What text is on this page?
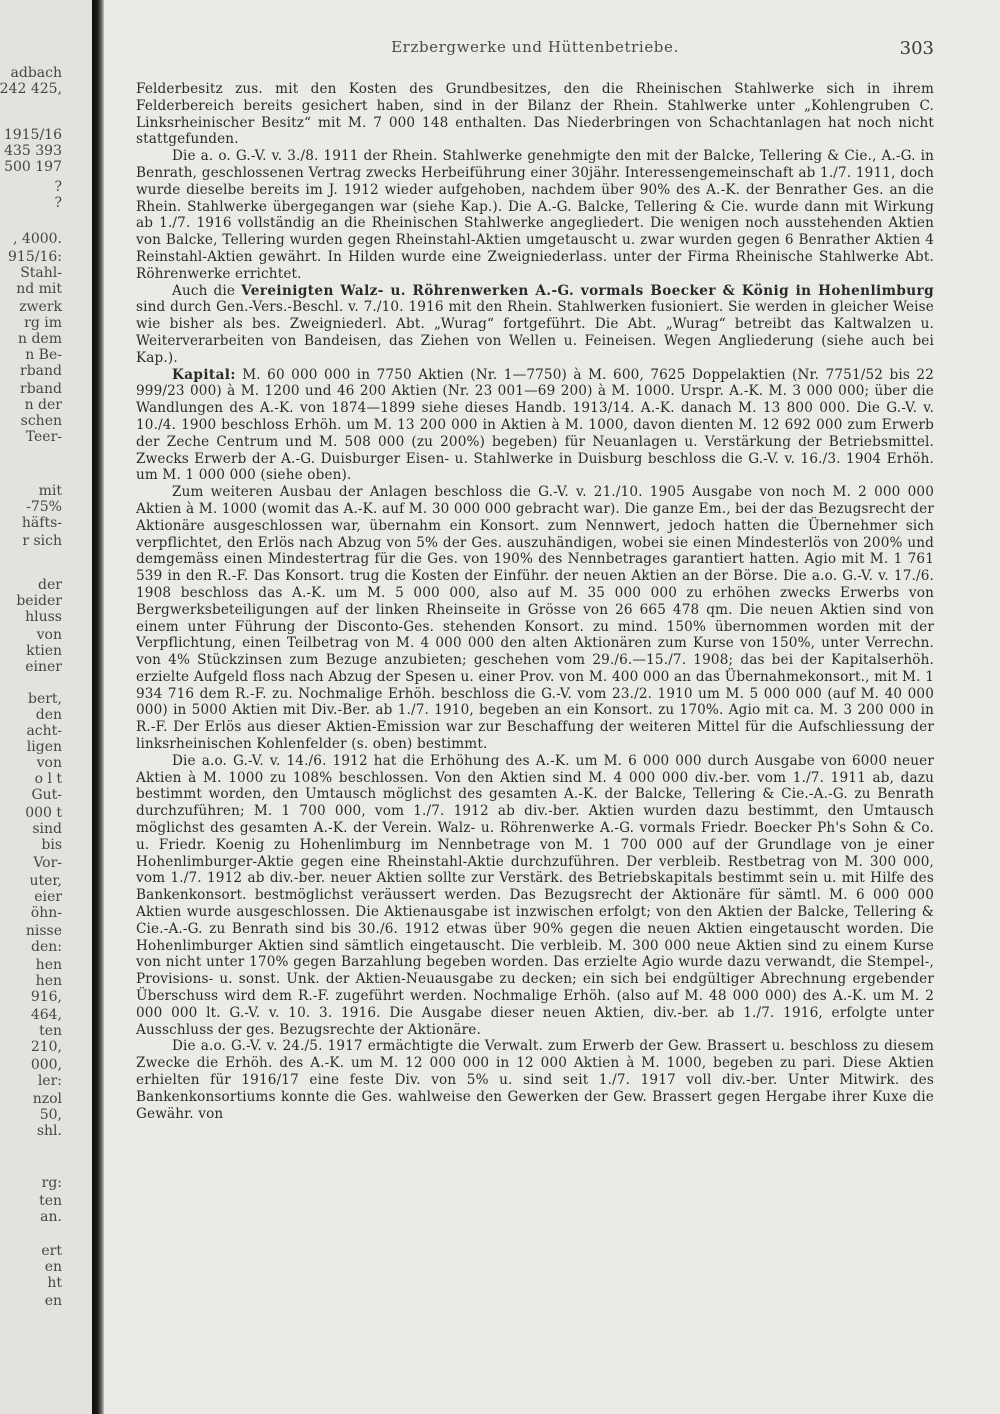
adbach
242 425,
1915/16
435 393
500 197
?
?
, 4000.
915/16:
Stahl-
nd mit
zwerk
rg im
n dem
n Be-
rband
rband
n der
schen
Teer-
mit
-75%
häfts-
r sich
der
beider
hluss
von
ktien
einer
bert,
den
acht-
ligen
von
o l t
Gut-
000 t
sind
bis
Vor-
uter,
eier
öhn-
nisse
den:
hen
hen
916,
464,
ten
210,
000,
ler:
nzol
50,
shl.
rg:
ten
an.
ert
en
ht
en
Erzbergwerke und Hüttenbetriebe.	303

Felderbesitz zus. mit den Kosten des Grundbesitzes, den die Rheinischen Stahlwerke sich in ihrem Felderbereich bereits gesichert haben, sind in der Bilanz der Rhein. Stahlwerke unter „Kohlengruben C. Linksrheinischer Besitz“ mit M. 7 000 148 enthalten. Das Niederbringen von Schachtanlagen hat noch nicht stattgefunden.

Die a. o. G.-V. v. 3./8. 1911 der Rhein. Stahlwerke genehmigte den mit der Balcke, Tellering & Cie., A.-G. in Benrath, geschlossenen Vertrag zwecks Herbeiführung einer 30jähr. Interessengemeinschaft ab 1./7. 1911, doch wurde dieselbe bereits im J. 1912 wieder aufgehoben, nachdem über 90% des A.-K. der Benrather Ges. an die Rhein. Stahlwerke übergegangen war (siehe Kap.). Die A.-G. Balcke, Tellering & Cie. wurde dann mit Wirkung ab 1./7. 1916 vollständig an die Rheinischen Stahlwerke angegliedert. Die wenigen noch ausstehenden Aktien von Balcke, Tellering wurden gegen Rheinstahl-Aktien umgetauscht u. zwar wurden gegen 6 Benrather Aktien 4 Reinstahl-Aktien gewährt. In Hilden wurde eine Zweigniederlass. unter der Firma Rheinische Stahlwerke Abt. Röhrenwerke errichtet.

Auch die Vereinigten Walz- u. Röhrenwerken A.-G. vormals Boecker & König in Hohenlimburg sind durch Gen.-Vers.-Beschl. v. 7./10. 1916 mit den Rhein. Stahlwerken fusioniert. Sie werden in gleicher Weise wie bisher als bes. Zweigniederl. Abt. „Wurag“ fortgeführt. Die Abt. „Wurag“ betreibt das Kaltwalzen u. Weiterverarbeiten von Bandeisen, das Ziehen von Wellen u. Feineisen. Wegen Angliederung (siehe auch bei Kap.).

Kapital: M. 60 000 000 in 7750 Aktien (Nr. 1—7750) à M. 600, 7625 Doppelaktien (Nr. 7751/52 bis 22 999/23 000) à M. 1200 und 46 200 Aktien (Nr. 23 001—69 200) à M. 1000. Urspr. A.-K. M. 3 000 000; über die Wandlungen des A.-K. von 1874—1899 siehe dieses Handb. 1913/14. A.-K. danach M. 13 800 000. Die G.-V. v. 10./4. 1900 beschloss Erhöh. um M. 13 200 000 in Aktien à M. 1000, davon dienten M. 12 692 000 zum Erwerb der Zeche Centrum und M. 508 000 (zu 200%) begeben) für Neuanlagen u. Verstärkung der Betriebsmittel. Zwecks Erwerb der A.-G. Duisburger Eisen- u. Stahlwerke in Duisburg beschloss die G.-V. v. 16./3. 1904 Erhöh. um M. 1 000 000 (siehe oben).

Zum weiteren Ausbau der Anlagen beschloss die G.-V. v. 21./10. 1905 Ausgabe von noch M. 2 000 000 Aktien à M. 1000 (womit das A.-K. auf M. 30 000 000 gebracht war). Die ganze Em., bei der das Bezugsrecht der Aktionäre ausgeschlossen war, übernahm ein Konsort. zum Nennwert, jedoch hatten die Übernehmer sich verpflichtet, den Erlös nach Abzug von 5% der Ges. auszuhändigen, wobei sie einen Mindesterlös von 200% und demgemäss einen Mindestertrag für die Ges. von 190% des Nennbetrages garantiert hatten. Agio mit M. 1 761 539 in den R.-F. Das Konsort. trug die Kosten der Einführ. der neuen Aktien an der Börse. Die a.o. G.-V. v. 17./6. 1908 beschloss das A.-K. um M. 5 000 000, also auf M. 35 000 000 zu erhöhen zwecks Erwerbs von Bergwerksbeteiligungen auf der linken Rheinseite in Grösse von 26 665 478 qm. Die neuen Aktien sind von einem unter Führung der Disconto-Ges. stehenden Konsort. zu mind. 150% übernommen worden mit der Verpflichtung, einen Teilbetrag von M. 4 000 000 den alten Aktionären zum Kurse von 150%, unter Verrechn. von 4% Stückzinsen zum Bezuge anzubieten; geschehen vom 29./6.—15./7. 1908; das bei der Kapitalserhöh. erzielte Aufgeld floss nach Abzug der Spesen u. einer Prov. von M. 400 000 an das Übernahmekonsort., mit M. 1 934 716 dem R.-F. zu. Nochmalige Erhöh. beschloss die G.-V. vom 23./2. 1910 um M. 5 000 000 (auf M. 40 000 000) in 5000 Aktien mit Div.-Ber. ab 1./7. 1910, begeben an ein Konsort. zu 170%. Agio mit ca. M. 3 200 000 in R.-F. Der Erlös aus dieser Aktien-Emission war zur Beschaffung der weiteren Mittel für die Aufschliessung der linksrheinischen Kohlenfelder (s. oben) bestimmt.

Die a.o. G.-V. v. 14./6. 1912 hat die Erhöhung des A.-K. um M. 6 000 000 durch Ausgabe von 6000 neuer Aktien à M. 1000 zu 108% beschlossen. Von den Aktien sind M. 4 000 000 div.-ber. vom 1./7. 1911 ab, dazu bestimmt worden, den Umtausch möglichst des gesamten A.-K. der Balcke, Tellering & Cie.-A.-G. zu Benrath durchzuführen; M. 1 700 000, vom 1./7. 1912 ab div.-ber. Aktien wurden dazu bestimmt, den Umtausch möglichst des gesamten A.-K. der Verein. Walz- u. Röhrenwerke A.-G. vormals Friedr. Boecker Ph's Sohn & Co. u. Friedr. Koenig zu Hohenlimburg im Nennbetrage von M. 1 700 000 auf der Grundlage von je einer Hohenlimburger-Aktie gegen eine Rheinstahl-Aktie durchzuführen. Der verbleib. Restbetrag von M. 300 000, vom 1./7. 1912 ab div.-ber. neuer Aktien sollte zur Verstärk. des Betriebskapitals bestimmt sein u. mit Hilfe des Bankenkonsort. bestmöglichst veräussert werden. Das Bezugsrecht der Aktionäre für sämtl. M. 6 000 000 Aktien wurde ausgeschlossen. Die Aktienausgabe ist inzwischen erfolgt; von den Aktien der Balcke, Tellering & Cie.-A.-G. zu Benrath sind bis 30./6. 1912 etwas über 90% gegen die neuen Aktien eingetauscht worden. Die Hohenlimburger Aktien sind sämtlich eingetauscht. Die verbleib. M. 300 000 neue Aktien sind zu einem Kurse von nicht unter 170% gegen Barzahlung begeben worden. Das erzielte Agio wurde dazu verwandt, die Stempel-, Provisions- u. sonst. Unk. der Aktien-Neuausgabe zu decken; ein sich bei endgültiger Abrechnung ergebender Überschuss wird dem R.-F. zugeführt werden. Nochmalige Erhöh. (also auf M. 48 000 000) des A.-K. um M. 2 000 000 lt. G.-V. v. 10. 3. 1916. Die Ausgabe dieser neuen Aktien, div.-ber. ab 1./7. 1916, erfolgte unter Ausschluss der ges. Bezugsrechte der Aktionäre.

Die a.o. G.-V. v. 24./5. 1917 ermächtigte die Verwalt. zum Erwerb der Gew. Brassert u. beschloss zu diesem Zwecke die Erhöh. des A.-K. um M. 12 000 000 in 12 000 Aktien à M. 1000, begeben zu pari. Diese Aktien erhielten für 1916/17 eine feste Div. von 5% u. sind seit 1./7. 1917 voll div.-ber. Unter Mitwirk. des Bankenkonsortiums konnte die Ges. wahlweise den Gewerken der Gew. Brassert gegen Hergabe ihrer Kuxe die Gewähr. von
